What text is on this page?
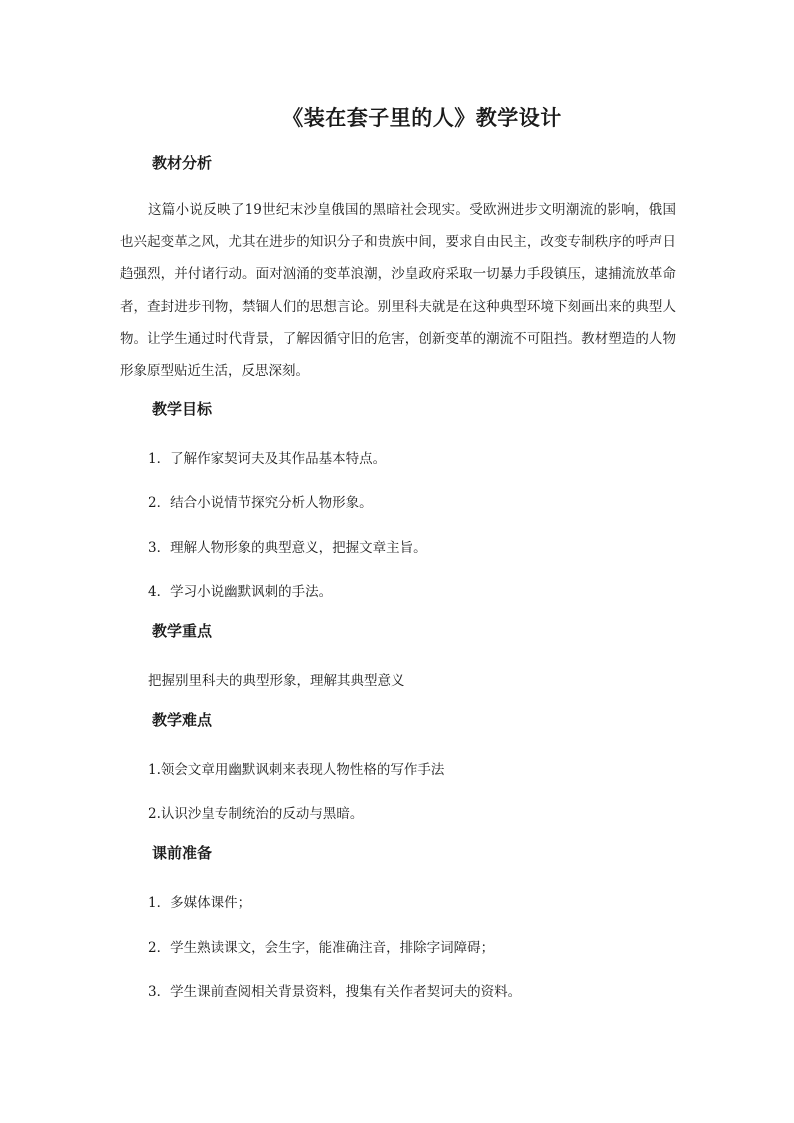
《装在套子里的人》教学设计
教材分析
这篇小说反映了19世纪末沙皇俄国的黑暗社会现实。受欧洲进步文明潮流的影响，俄国也兴起变革之风，尤其在进步的知识分子和贵族中间，要求自由民主，改变专制秩序的呼声日趋强烈，并付诸行动。面对汹涌的变革浪潮，沙皇政府采取一切暴力手段镇压，逮捕流放革命者，查封进步刊物，禁锢人们的思想言论。别里科夫就是在这种典型环境下刻画出来的典型人物。让学生通过时代背景，了解因循守旧的危害，创新变革的潮流不可阻挡。教材塑造的人物形象原型贴近生活，反思深刻。
教学目标
1．了解作家契诃夫及其作品基本特点。
2．结合小说情节探究分析人物形象。
3．理解人物形象的典型意义，把握文章主旨。
4．学习小说幽默讽刺的手法。
教学重点
把握别里科夫的典型形象，理解其典型意义
教学难点
1.领会文章用幽默讽刺来表现人物性格的写作手法
2.认识沙皇专制统治的反动与黑暗。
课前准备
1．多媒体课件；
2．学生熟读课文，会生字，能准确注音，排除字词障碍；
3．学生课前查阅相关背景资料，搜集有关作者契诃夫的资料。
